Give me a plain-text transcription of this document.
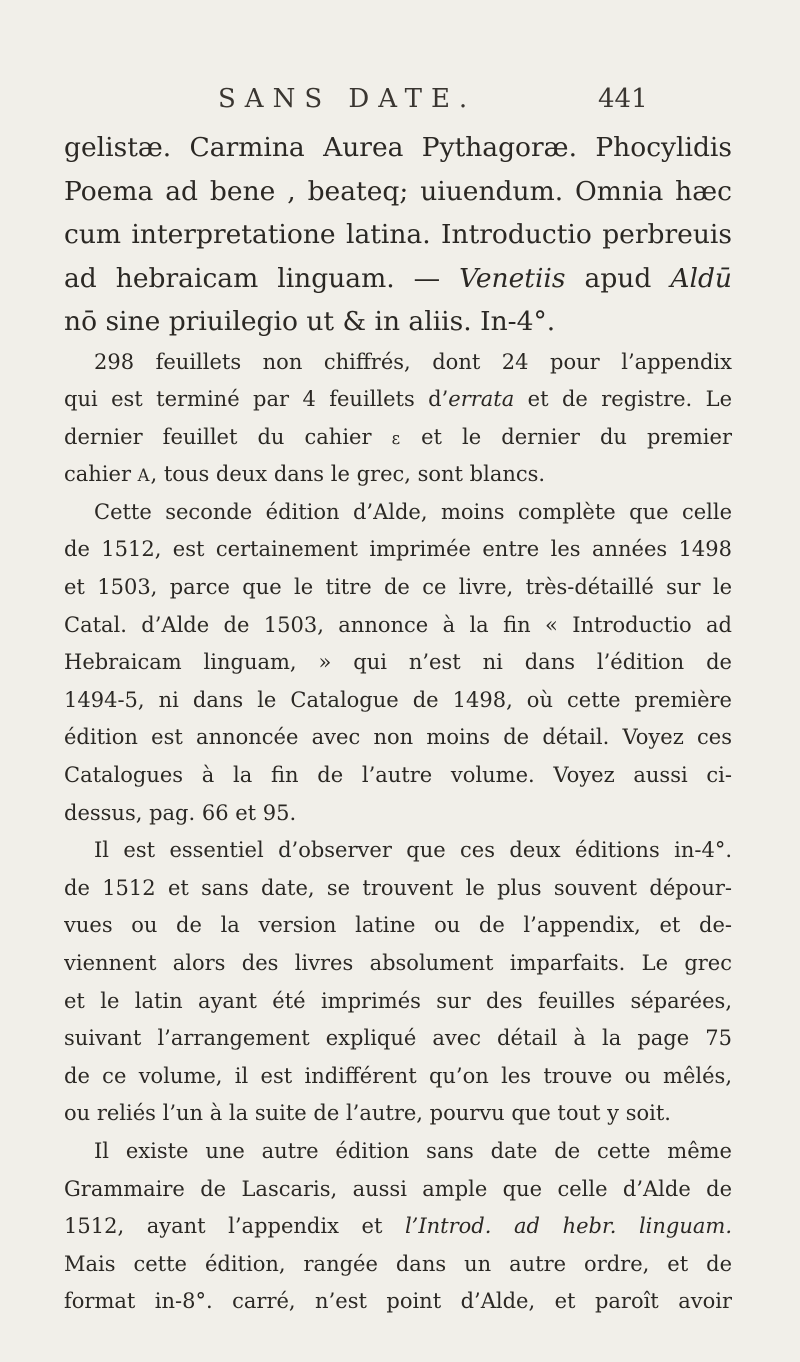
SANS DATE.	441
gelistæ. Carmina Aurea Pythagoræ. Phocylidis
Poema ad bene , beateq; uiuendum. Omnia hæc
cum interpretatione latina. Introductio perbreuis
ad hebraicam linguam. — Venetiis apud Aldū
nō sine priuilegio ut & in aliis. In-4°.
298 feuillets non chiffrés, dont 24 pour l’appendix
qui est terminé par 4 feuillets d’errata et de registre. Le
dernier feuillet du cahier ε et le dernier du premier
cahier A, tous deux dans le grec, sont blancs.
Cette seconde édition d’Alde, moins complète que celle
de 1512, est certainement imprimée entre les années 1498
et 1503, parce que le titre de ce livre, très-détaillé sur le
Catal. d’Alde de 1503, annonce à la fin « Introductio ad
Hebraicam linguam, » qui n’est ni dans l’édition de
1494-5, ni dans le Catalogue de 1498, où cette première
édition est annoncée avec non moins de détail. Voyez ces
Catalogues à la fin de l’autre volume. Voyez aussi ci-
dessus, pag. 66 et 95.
Il est essentiel d’observer que ces deux éditions in-4°.
de 1512 et sans date, se trouvent le plus souvent dépour-
vues ou de la version latine ou de l’appendix, et de-
viennent alors des livres absolument imparfaits. Le grec
et le latin ayant été imprimés sur des feuilles séparées,
suivant l’arrangement expliqué avec détail à la page 75
de ce volume, il est indifférent qu’on les trouve ou mêlés,
ou reliés l’un à la suite de l’autre, pourvu que tout y soit.
Il existe une autre édition sans date de cette même
Grammaire de Lascaris, aussi ample que celle d’Alde de
1512, ayant l’appendix et l’Introd. ad hebr. linguam.
Mais cette édition, rangée dans un autre ordre, et de
format in-8°. carré, n’est point d’Alde, et paroît avoir
